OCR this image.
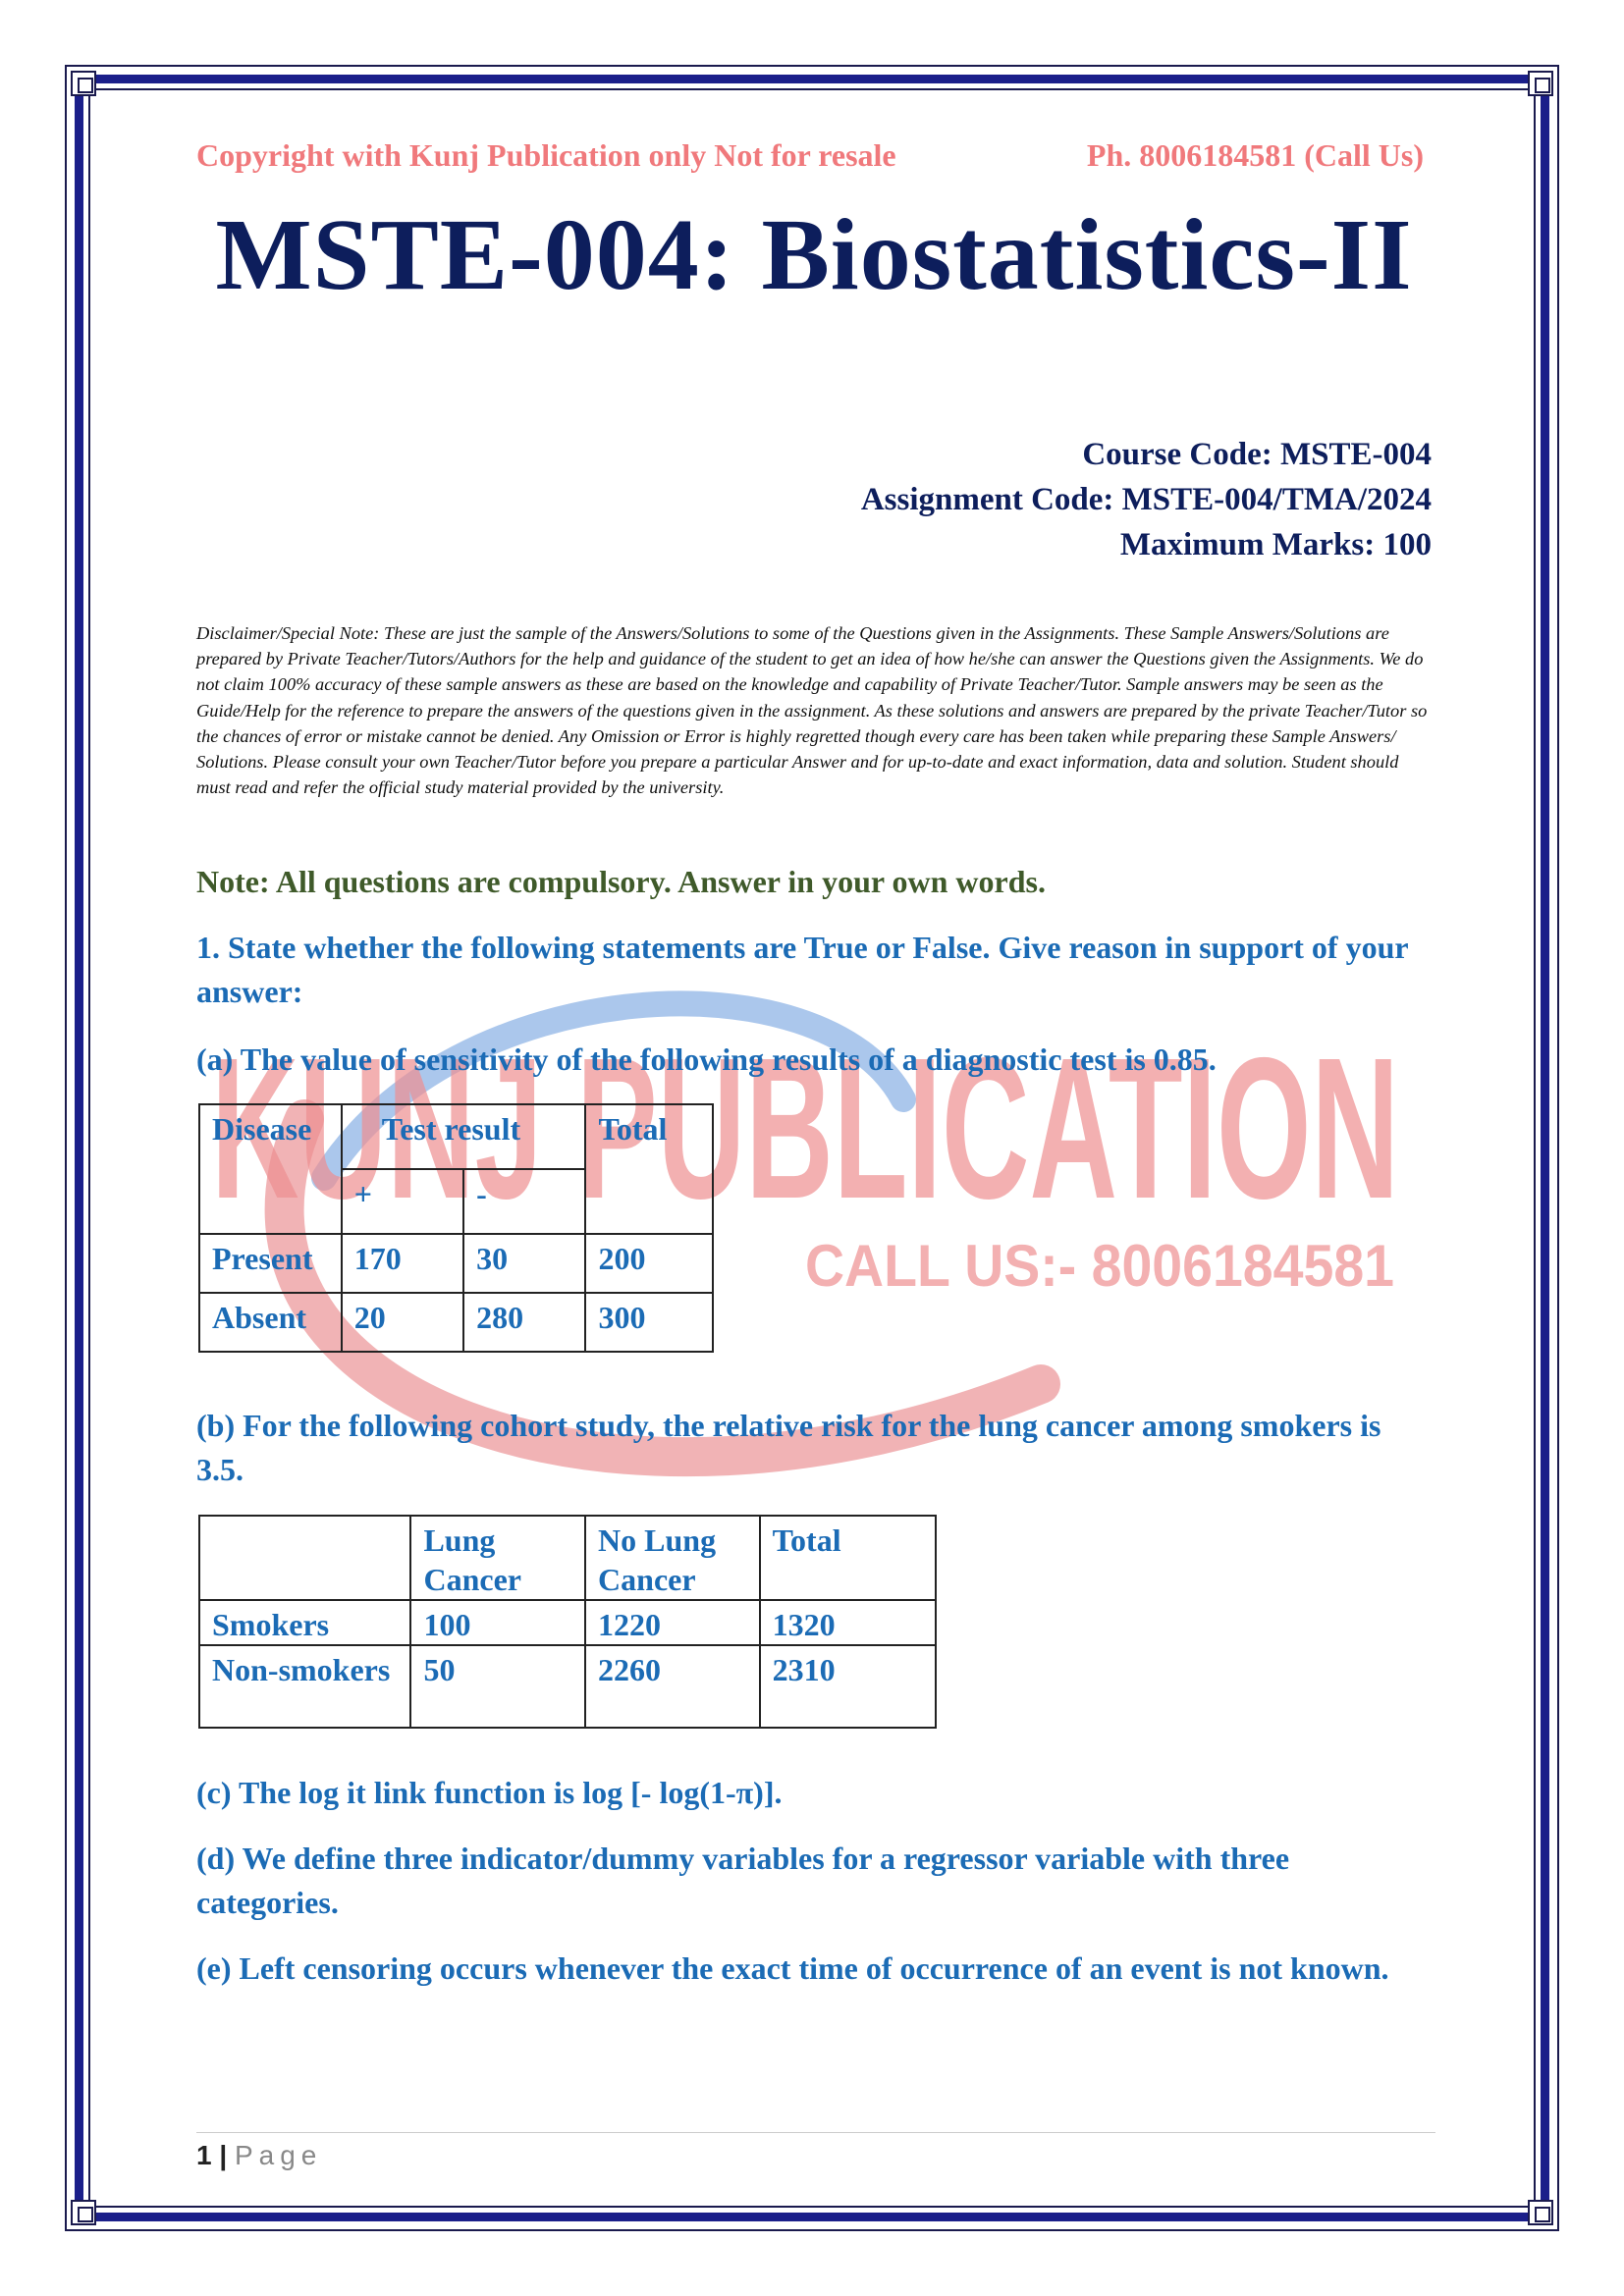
KUNJ PUBLICATION
CALL US:- 8006184581
Copyright with Kunj Publication only Not for resale	Ph. 8006184581 (Call Us)
MSTE-004: Biostatistics-II
Course Code: MSTE-004
Assignment Code: MSTE-004/TMA/2024
Maximum Marks: 100
Disclaimer/Special Note: These are just the sample of the Answers/Solutions to some of the Questions given in the Assignments. These Sample Answers/Solutions are prepared by Private Teacher/Tutors/Authors for the help and guidance of the student to get an idea of how he/she can answer the Questions given the Assignments. We do not claim 100% accuracy of these sample answers as these are based on the knowledge and capability of Private Teacher/Tutor. Sample answers may be seen as the Guide/Help for the reference to prepare the answers of the questions given in the assignment. As these solutions and answers are prepared by the private Teacher/Tutor so the chances of error or mistake cannot be denied. Any Omission or Error is highly regretted though every care has been taken while preparing these Sample Answers/ Solutions. Please consult your own Teacher/Tutor before you prepare a particular Answer and for up-to-date and exact information, data and solution. Student should must read and refer the official study material provided by the university.
Note: All questions are compulsory. Answer in your own words.
1. State whether the following statements are True or False. Give reason in support of your answer:
(a) The value of sensitivity of the following results of a diagnostic test is 0.85.
Disease	Test result		Total
	+	-	
Present	170	30	200
Absent	20	280	300
(b) For the following cohort study, the relative risk for the lung cancer among smokers is 3.5.
	Lung Cancer	No Lung Cancer	Total
Smokers	100	1220	1320
Non-smokers	50	2260	2310
(c) The log it link function is log [- log(1-π)].
(d) We define three indicator/dummy variables for a regressor variable with three categories.
(e) Left censoring occurs whenever the exact time of occurrence of an event is not known.
1 | Page
